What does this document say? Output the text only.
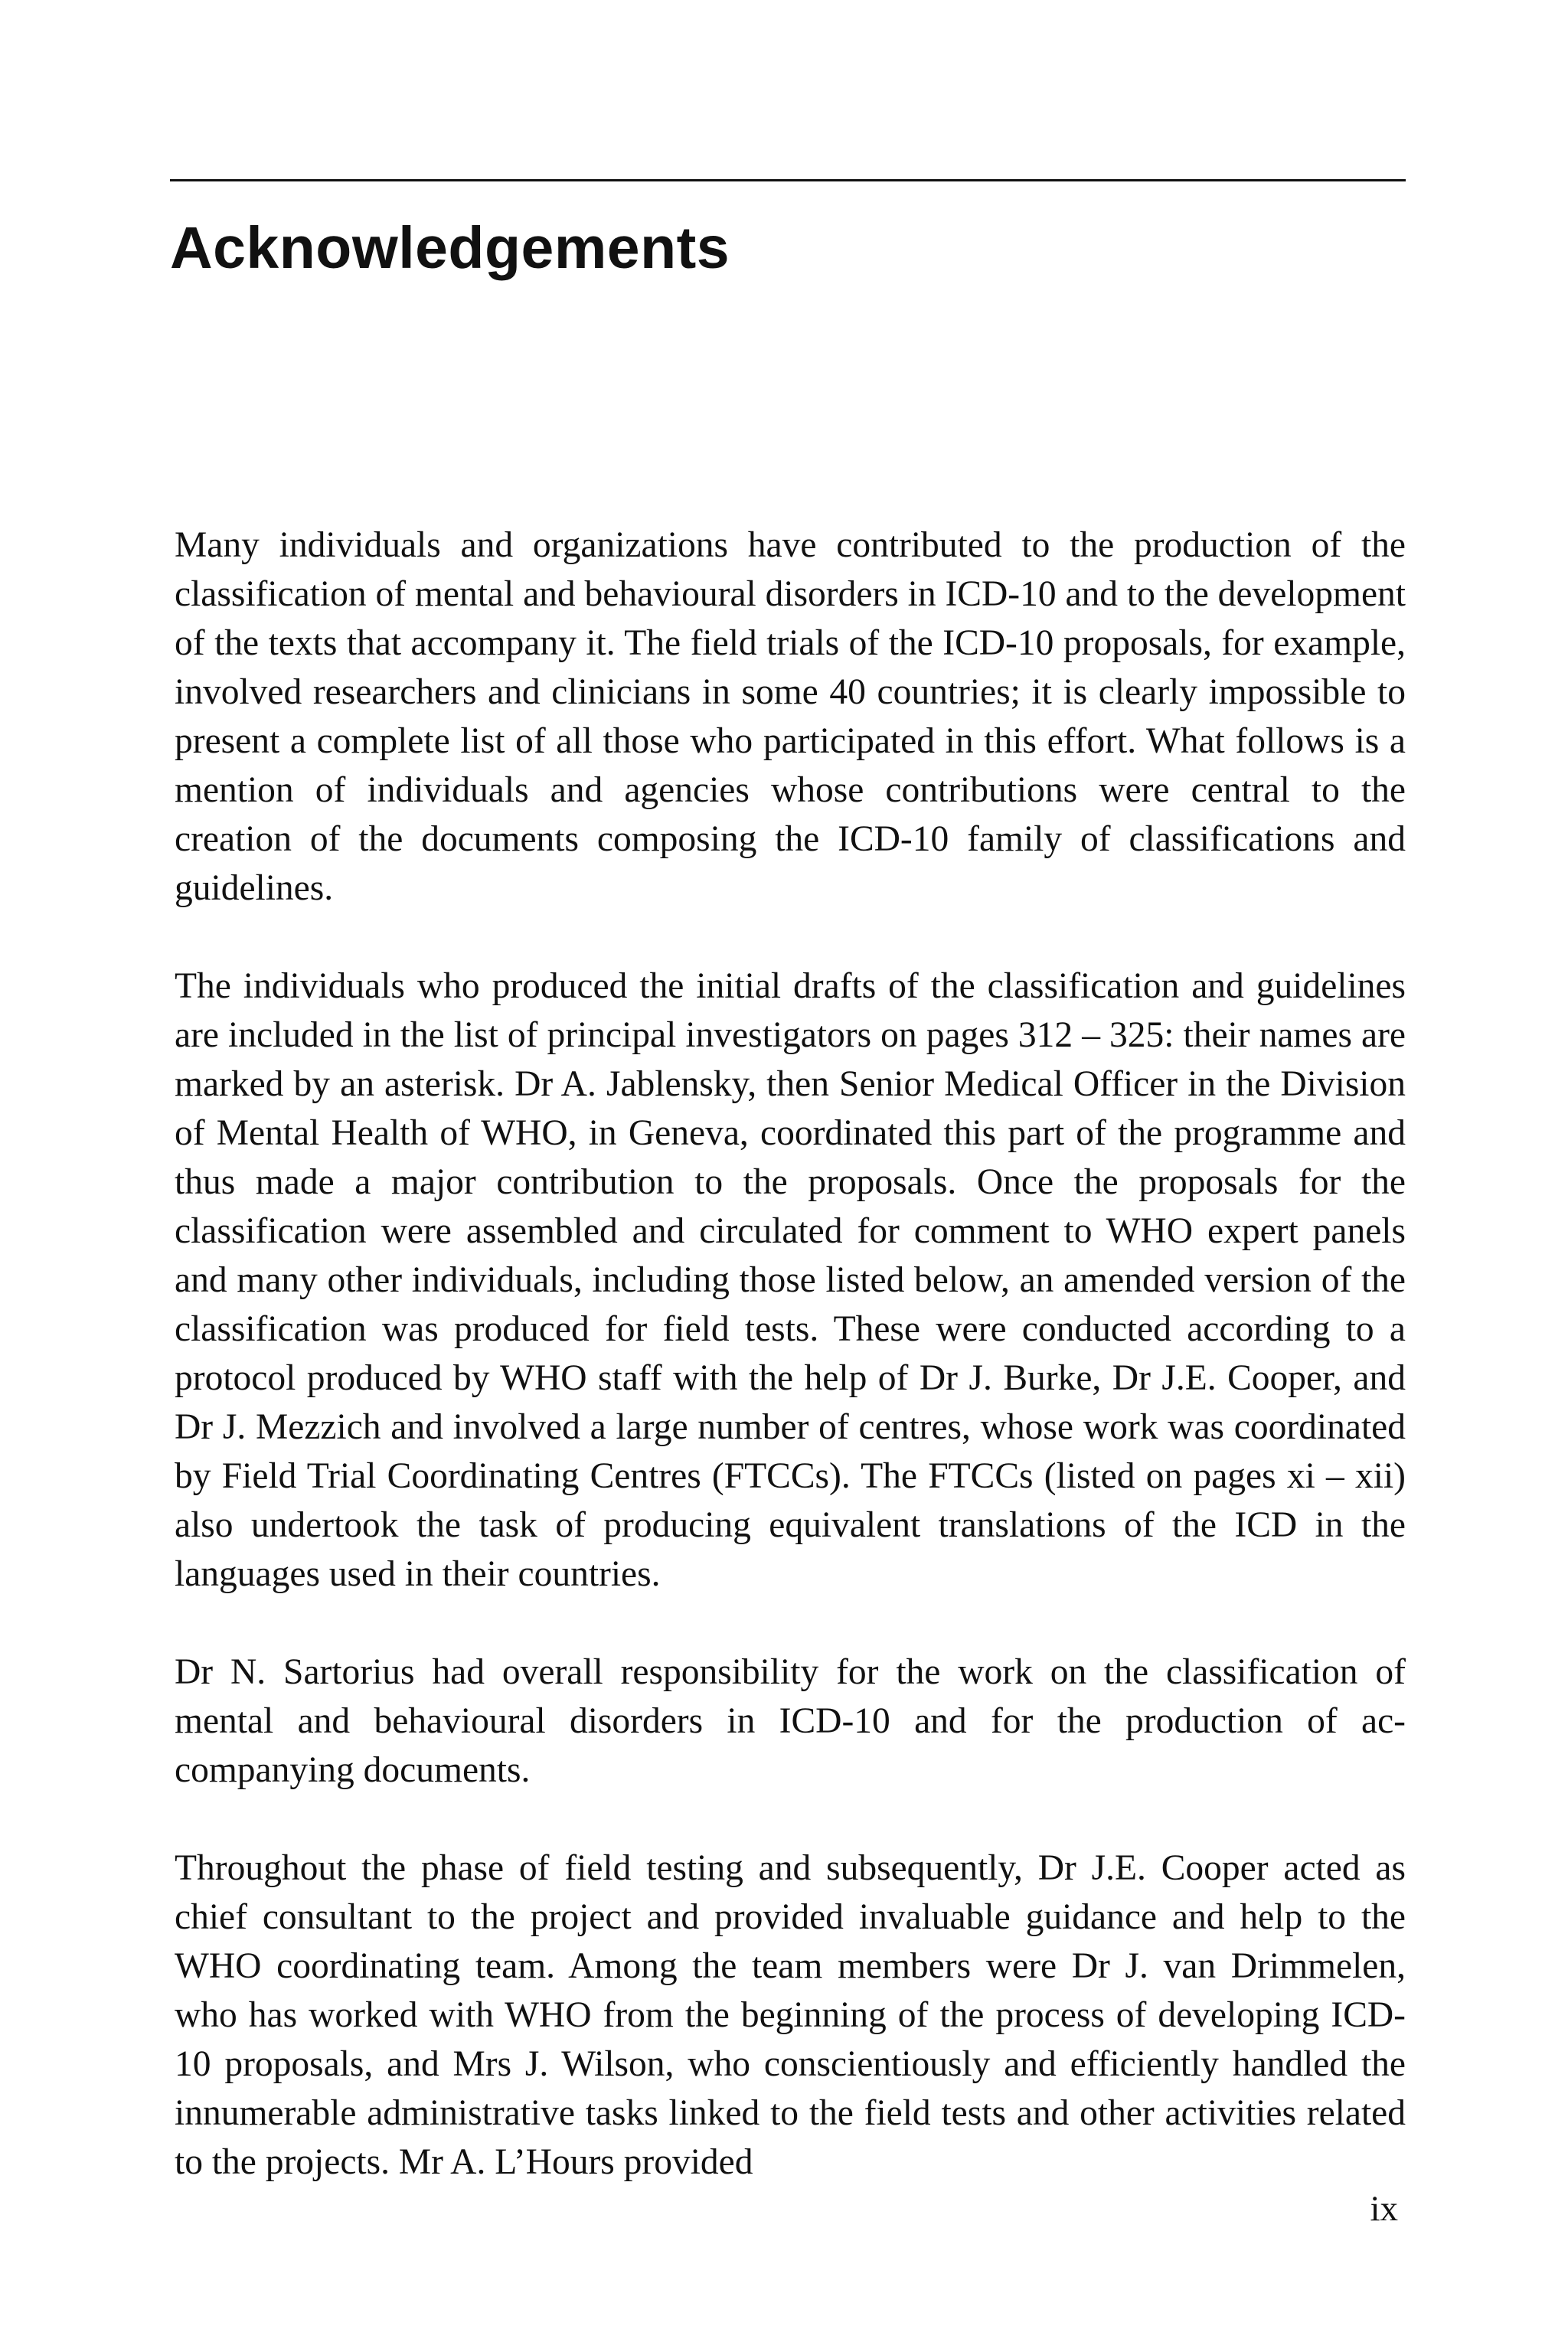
Acknowledgements

Many individuals and organizations have contributed to the production of the classification of mental and behavioural disorders in ICD-10 and to the development of the texts that accompany it. The field trials of the ICD-10 proposals, for example, involved researchers and clinicians in some 40 countries; it is clearly impossible to present a complete list of all those who participated in this effort. What follows is a mention of individuals and agencies whose contributions were central to the creation of the documents composing the ICD-10 family of classifications and guidelines.

The individuals who produced the initial drafts of the classification and guidelines are included in the list of principal investigators on pages 312 – 325: their names are marked by an asterisk. Dr A. Jablensky, then Senior Medical Officer in the Division of Mental Health of WHO, in Geneva, coordinated this part of the programme and thus made a major contribution to the proposals. Once the proposals for the classification were assembled and circulated for comment to WHO expert panels and many other individuals, including those listed below, an amended version of the classification was produced for field tests. These were conducted according to a protocol produced by WHO staff with the help of Dr J. Burke, Dr J.E. Cooper, and Dr J. Mezzich and involved a large number of centres, whose work was coordinated by Field Trial Coordinating Centres (FTCCs). The FTCCs (listed on pages xi – xii) also undertook the task of producing equivalent translations of the ICD in the languages used in their countries.

Dr N. Sartorius had overall responsibility for the work on the classification of mental and behavioural disorders in ICD-10 and for the production of accompanying documents.

Throughout the phase of field testing and subsequently, Dr J.E. Cooper acted as chief consultant to the project and provided invaluable guidance and help to the WHO coordinating team. Among the team members were Dr J. van Drimmelen, who has worked with WHO from the beginning of the process of developing ICD-10 proposals, and Mrs J. Wilson, who conscientiously and efficiently handled the innumerable administrative tasks linked to the field tests and other activities related to the projects. Mr A. L’Hours provided

ix
